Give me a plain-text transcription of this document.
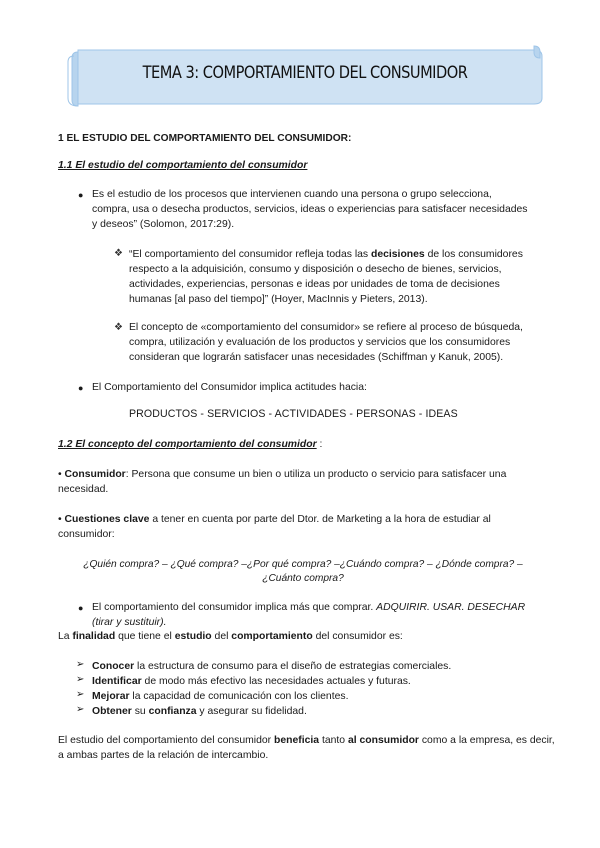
TEMA 3: COMPORTAMIENTO DEL CONSUMIDOR

1 EL ESTUDIO DEL COMPORTAMIENTO DEL CONSUMIDOR:

1.1 El estudio del comportamiento del consumidor

● Es el estudio de los procesos que intervienen cuando una persona o grupo selecciona, compra, usa o desecha productos, servicios, ideas o experiencias para satisfacer necesidades y deseos” (Solomon, 2017:29).

❖ “El comportamiento del consumidor refleja todas las decisiones de los consumidores respecto a la adquisición, consumo y disposición o desecho de bienes, servicios, actividades, experiencias, personas e ideas por unidades de toma de decisiones humanas [al paso del tiempo]” (Hoyer, MacInnis y Pieters, 2013).

❖ El concepto de «comportamiento del consumidor» se refiere al proceso de búsqueda, compra, utilización y evaluación de los productos y servicios que los consumidores consideran que lograrán satisfacer unas necesidades (Schiffman y Kanuk, 2005).

● El Comportamiento del Consumidor implica actitudes hacia:

PRODUCTOS - SERVICIOS - ACTIVIDADES - PERSONAS - IDEAS

1.2 El concepto del comportamiento del consumidor :

• Consumidor: Persona que consume un bien o utiliza un producto o servicio para satisfacer una necesidad.

• Cuestiones clave a tener en cuenta por parte del Dtor. de Marketing a la hora de estudiar al consumidor:

¿Quién compra? – ¿Qué compra? –¿Por qué compra? –¿Cuándo compra? – ¿Dónde compra? –

¿Cuánto compra?

● El comportamiento del consumidor implica más que comprar. ADQUIRIR. USAR. DESECHAR
(tirar y sustituir).

La finalidad que tiene el estudio del comportamiento del consumidor es:

➢ Conocer la estructura de consumo para el diseño de estrategias comerciales.

➢ Identificar de modo más efectivo las necesidades actuales y futuras.

➢ Mejorar la capacidad de comunicación con los clientes.

➢ Obtener su confianza y asegurar su fidelidad.

El estudio del comportamiento del consumidor beneficia tanto al consumidor como a la empresa, es decir, a ambas partes de la relación de intercambio.
